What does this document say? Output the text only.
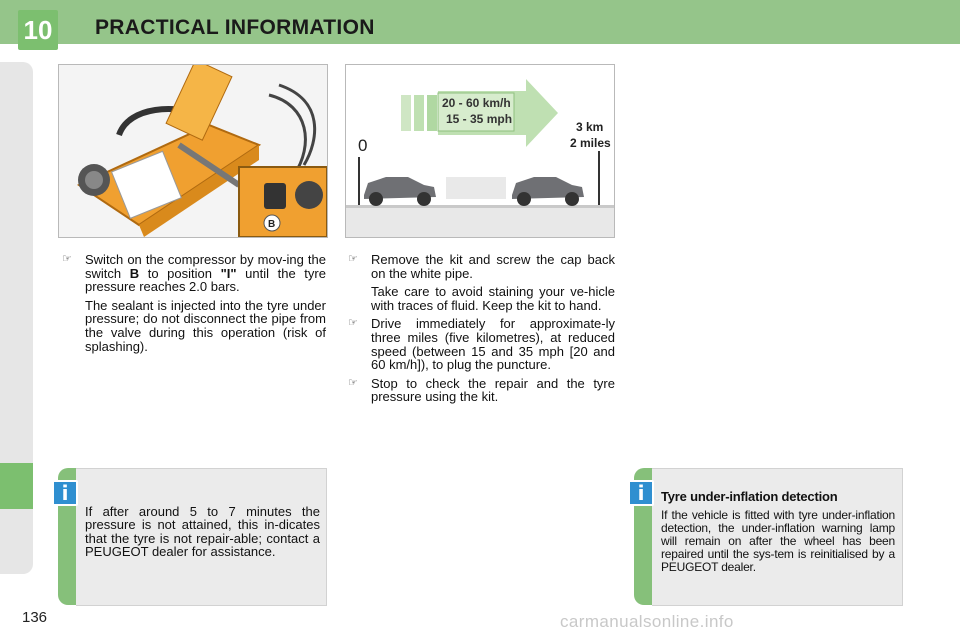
10 PRACTICAL INFORMATION
B
20 - 60 km/h
15 - 35 mph
0
3 km
2 miles
☞ Switch on the compressor by mov-ing the switch B to position "I" until the tyre pressure reaches 2.0 bars.
The sealant is injected into the tyre under pressure; do not disconnect the pipe from the valve during this operation (risk of splashing).
☞ Remove the kit and screw the cap back on the white pipe.
Take care to avoid staining your ve-hicle with traces of fluid. Keep the kit to hand.
☞ Drive immediately for approximate-ly three miles (five kilometres), at reduced speed (between 15 and 35 mph [20 and 60 km/h]), to plug the puncture.
☞ Stop to check the repair and the tyre pressure using the kit.
i
If after around 5 to 7 minutes the pressure is not attained, this in-dicates that the tyre is not repair-able; contact a PEUGEOT dealer for assistance.
i	Tyre under-inflation detection
If the vehicle is fitted with tyre under-inflation detection, the under-inflation warning lamp will remain on after the wheel has been repaired until the sys-tem is reinitialised by a PEUGEOT dealer.
136	carmanualsonline.info
